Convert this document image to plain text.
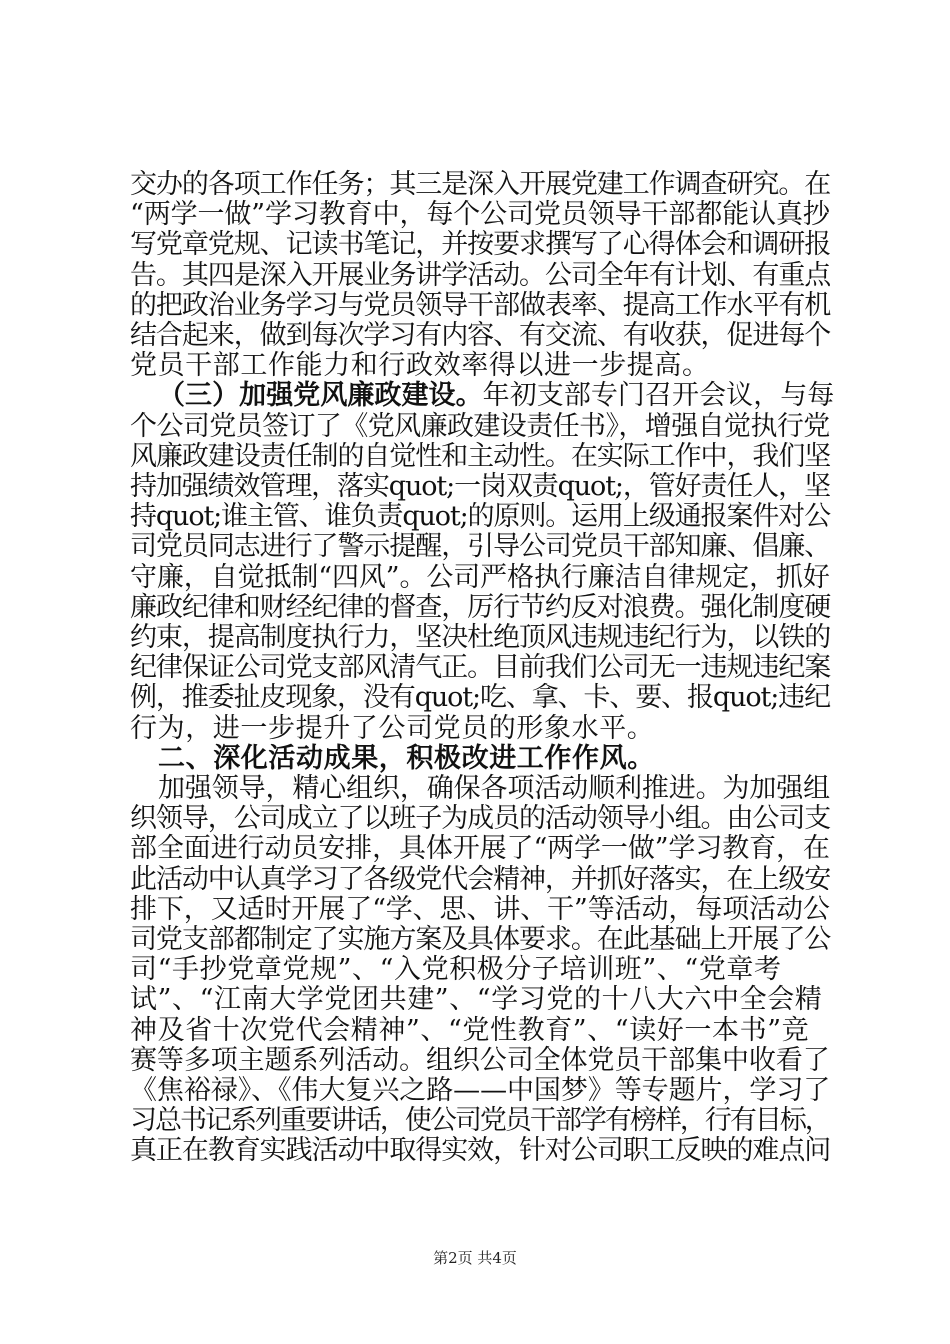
交办的各项工作任务；其三是深入开展党建工作调查研究。在
“两学一做”学习教育中，每个公司党员领导干部都能认真抄
写党章党规、记读书笔记，并按要求撰写了心得体会和调研报
告。其四是深入开展业务讲学活动。公司全年有计划、有重点
的把政治业务学习与党员领导干部做表率、提高工作水平有机
结合起来，做到每次学习有内容、有交流、有收获，促进每个
党员干部工作能力和行政效率得以进一步提高。
（三）加强党风廉政建设。年初支部专门召开会议，与每
个公司党员签订了《党风廉政建设责任书》，增强自觉执行党
风廉政建设责任制的自觉性和主动性。在实际工作中，我们坚
持加强绩效管理，落实quot;一岗双责quot;，管好责任人，坚
持quot;谁主管、谁负责quot;的原则。运用上级通报案件对公
司党员同志进行了警示提醒，引导公司党员干部知廉、倡廉、
守廉，自觉抵制“四风”。公司严格执行廉洁自律规定，抓好
廉政纪律和财经纪律的督查，厉行节约反对浪费。强化制度硬
约束，提高制度执行力，坚决杜绝顶风违规违纪行为，以铁的
纪律保证公司党支部风清气正。目前我们公司无一违规违纪案
例，推委扯皮现象，没有quot;吃、拿、卡、要、报quot;违纪
行为，进一步提升了公司党员的形象水平。
二、深化活动成果，积极改进工作作风。
加强领导，精心组织，确保各项活动顺利推进。为加强组
织领导，公司成立了以班子为成员的活动领导小组。由公司支
部全面进行动员安排，具体开展了“两学一做”学习教育，在
此活动中认真学习了各级党代会精神，并抓好落实，在上级安
排下，又适时开展了“学、思、讲、干”等活动，每项活动公
司党支部都制定了实施方案及具体要求。在此基础上开展了公
司“手抄党章党规”、“入党积极分子培训班”、“党章考
试”、“江南大学党团共建”、“学习党的十八大六中全会精
神及省十次党代会精神”、“党性教育”、“读好一本书”竞
赛等多项主题系列活动。组织公司全体党员干部集中收看了
《焦裕禄》、《伟大复兴之路——中国梦》等专题片，学习了
习总书记系列重要讲话，使公司党员干部学有榜样，行有目标，
真正在教育实践活动中取得实效，针对公司职工反映的难点问
第2页 共4页
